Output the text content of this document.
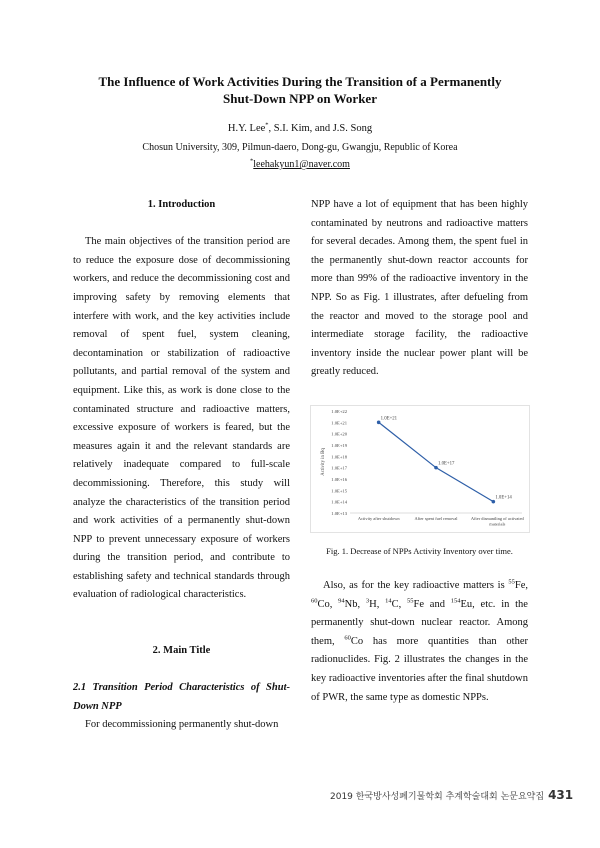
The Influence of Work Activities During the Transition of a Permanently
Shut-Down NPP on Worker
H.Y. Lee*, S.I. Kim, and J.S. Song
Chosun University, 309, Pilmun-daero, Dong-gu, Gwangju, Republic of Korea
*leehakyun1@naver.com

1. Introduction

The main objectives of the transition period are to reduce the exposure dose of decommissioning workers, and reduce the decommissioning cost and improving safety by removing elements that interfere with work, and the key activities include removal of spent fuel, system cleaning, decontamination or stabilization of radioactive pollutants, and partial removal of the system and equipment. Like this, as work is done close to the contaminated structure and radioactive matters, excessive exposure of workers is feared, but the measures again it and the relevant standards are relatively inadequate compared to full-scale decommissioning. Therefore, this study will analyze the characteristics of the transition period and work activities of a permanently shut-down NPP to prevent unnecessary exposure of workers during the transition period, and contribute to establishing safety and technical standards through evaluation of radiological characteristics.

2. Main Title

2.1 Transition Period Characteristics of Shut-Down NPP

For decommissioning permanently shut-down

NPP have a lot of equipment that has been highly contaminated by neutrons and radioactive matters for several decades. Among them, the spent fuel in the permanently shut-down reactor accounts for more than 99% of the radioactive inventory in the NPP. So as Fig. 1 illustrates, after defueling from the reactor and moved to the storage pool and intermediate storage facility, the radioactive inventory inside the nuclear power plant will be greatly reduced.

1.0E+13
1.0E+14
1.0E+15
1.0E+16
1.0E+17
1.0E+18
1.0E+19
1.0E+20
1.0E+21
1.0E+22
Activity in Bq
Activity after shutdown	After spent fuel removal	After dismantling of activated
materials
1.0E+21
1.0E+17
1.0E+14
Fig. 1. Decrease of NPPs Activity Inventory over time.

Also, as for the key radioactive matters is $^{55}$Fe, $^{60}$Co, $^{94}$Nb, $^3$H, $^{14}$C, $^{55}$Fe and $^{154}$Eu, etc. in the permanently shut-down nuclear reactor. Among them, $^{60}$Co has more quantities than other radionuclides. Fig. 2 illustrates the changes in the key radioactive inventories after the final shutdown of PWR, the same type as domestic NPPs.

2019 한국방사성폐기물학회 추계학술대회 논문요약집 431
